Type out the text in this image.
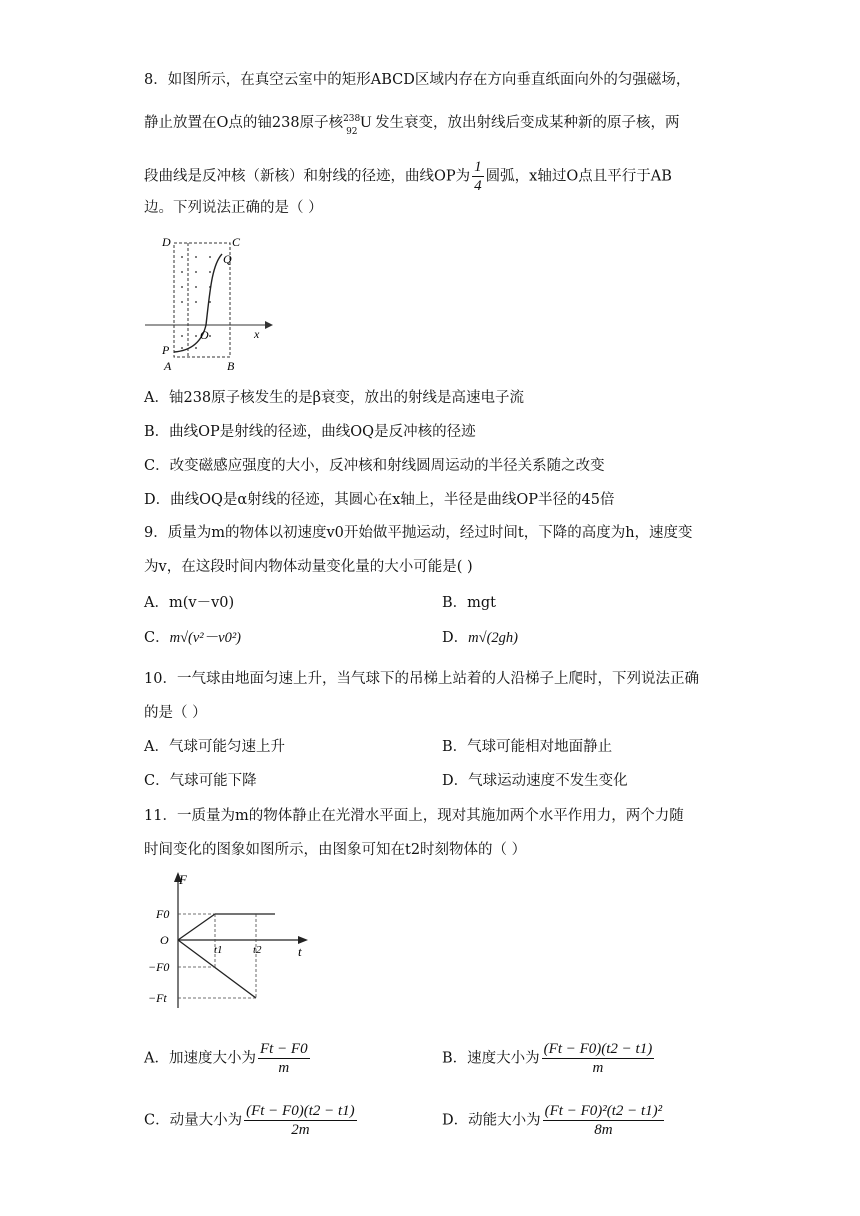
8．如图所示，在真空云室中的矩形ABCD区域内存在方向垂直纸面向外的匀强磁场，
静止放置在O点的铀238原子核 238
92
U 发生衰变，放出射线后变成某种新的原子核，两
段曲线是反冲核（新核）和射线的径迹，曲线OP为 $\frac{1}{4}$ 圆弧，x轴过O点且平行于AB
边。下列说法正确的是（ ）
D	C
Q
O	x
P
A	B
A．铀238原子核发生的是β衰变，放出的射线是高速电子流
B．曲线OP是射线的径迹，曲线OQ是反冲核的径迹
C．改变磁感应强度的大小，反冲核和射线圆周运动的半径关系随之改变
D．曲线OQ是α射线的径迹，其圆心在x轴上，半径是曲线OP半径的45倍
9．质量为m的物体以初速度v0开始做平抛运动，经过时间t，下降的高度为h，速度变
为v，在这段时间内物体动量变化量的大小可能是( )
A．m(v－v0)	B．mgt
C．m√(v²－v0²)	D．m√(2gh)
10．一气球由地面匀速上升，当气球下的吊梯上站着的人沿梯子上爬时，下列说法正确
的是（ ）
A．气球可能匀速上升	B．气球可能相对地面静止
C．气球可能下降	D．气球运动速度不发生变化
11．一质量为m的物体静止在光滑水平面上，现对其施加两个水平作用力，两个力随
时间变化的图象如图所示，由图象可知在t2时刻物体的（ ）
F
F0
O
t1	t2	t
−F0
−Ft
A．加速度大小为 $\frac{Ft - F0}{m}$	B．速度大小为 $\frac{(Ft - F0)(t2 - t1)}{m}$
C．动量大小为 $\frac{(Ft - F0)(t2 - t1)}{2m}$	D．动能大小为 $\frac{\text{(Ft − F0)²(t2 − t1)²}}{8m}$
